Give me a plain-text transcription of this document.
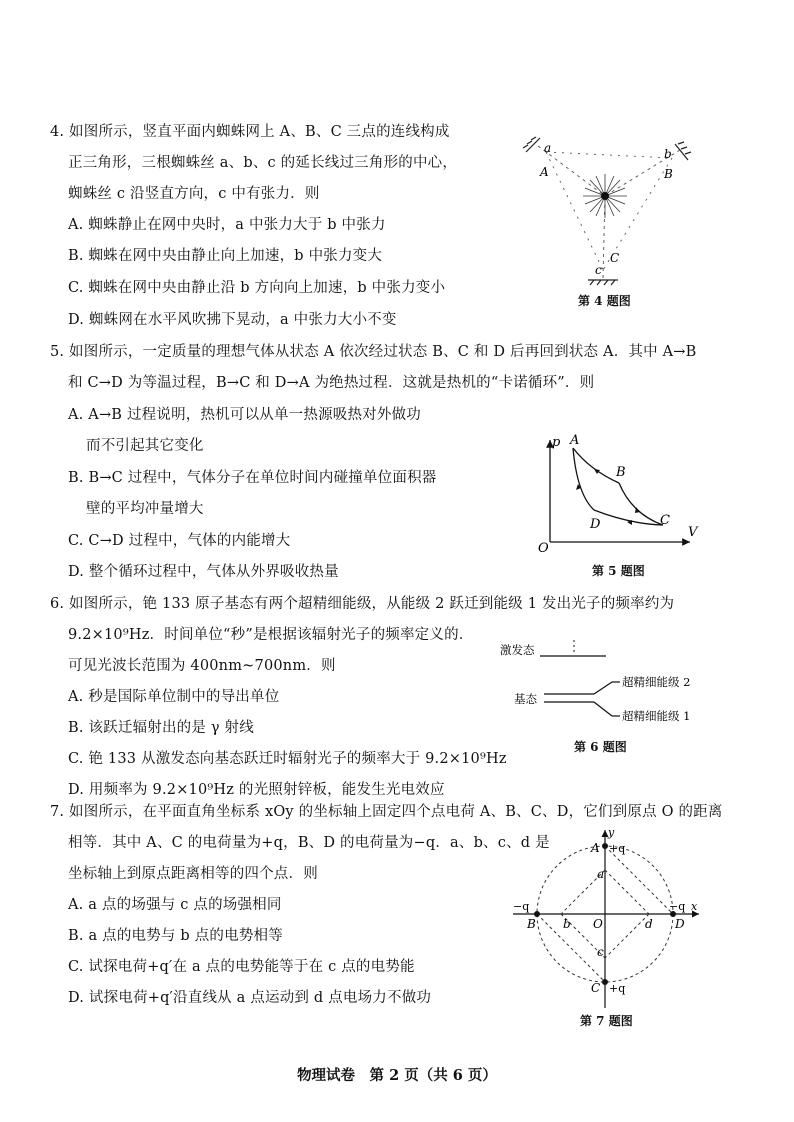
4. 如图所示，竖直平面内蜘蛛网上 A、B、C 三点的连线构成
正三角形，三根蜘蛛丝 a、b、c 的延长线过三角形的中心，
蜘蛛丝 c 沿竖直方向，c 中有张力．则
A. 蜘蛛静止在网中央时，a 中张力大于 b 中张力
B. 蜘蛛在网中央由静止向上加速，b 中张力变大
C. 蜘蛛在网中央由静止沿 b 方向向上加速，b 中张力变小
D. 蜘蛛网在水平风吹拂下晃动，a 中张力大小不变
a
A
b
B
c
C
第 4 题图
5. 如图所示，一定质量的理想气体从状态 A 依次经过状态 B、C 和 D 后再回到状态 A．其中 A→B
和 C→D 为等温过程，B→C 和 D→A 为绝热过程．这就是热机的“卡诺循环”．则
A. A→B 过程说明，热机可以从单一热源吸热对外做功
而不引起其它变化
B. B→C 过程中，气体分子在单位时间内碰撞单位面积器
壁的平均冲量增大
C. C→D 过程中，气体的内能增大
D. 整个循环过程中，气体从外界吸收热量
p
V
O
A
B
C
D
第 5 题图
6. 如图所示，铯 133 原子基态有两个超精细能级，从能级 2 跃迁到能级 1 发出光子的频率约为
9.2×10⁹Hz．时间单位“秒”是根据该辐射光子的频率定义的．
可见光波长范围为 400nm~700nm．则
A. 秒是国际单位制中的导出单位
B. 该跃迁辐射出的是 γ 射线
C. 铯 133 从激发态向基态跃迁时辐射光子的频率大于 9.2×10⁹Hz
D. 用频率为 9.2×10⁹Hz 的光照射锌板，能发生光电效应
激发态
基态
超精细能级 2
超精细能级 1
第 6 题图
7. 如图所示，在平面直角坐标系 xOy 的坐标轴上固定四个点电荷 A、B、C、D，它们到原点 O 的距离
相等．其中 A、C 的电荷量为+q，B、D 的电荷量为−q．a、b、c、d 是
坐标轴上到原点距离相等的四个点．则
A. a 点的场强与 c 点的场强相同
B. a 点的电势与 b 点的电势相等
C. 试探电荷+q′在 a 点的电势能等于在 c 点的电势能
D. 试探电荷+q′沿直线从 a 点运动到 d 点电场力不做功
y
x
O
A +q
B
−q
C +q
D
−q
a
b
c
d
第 7 题图
物理试卷　第 2 页（共 6 页）
